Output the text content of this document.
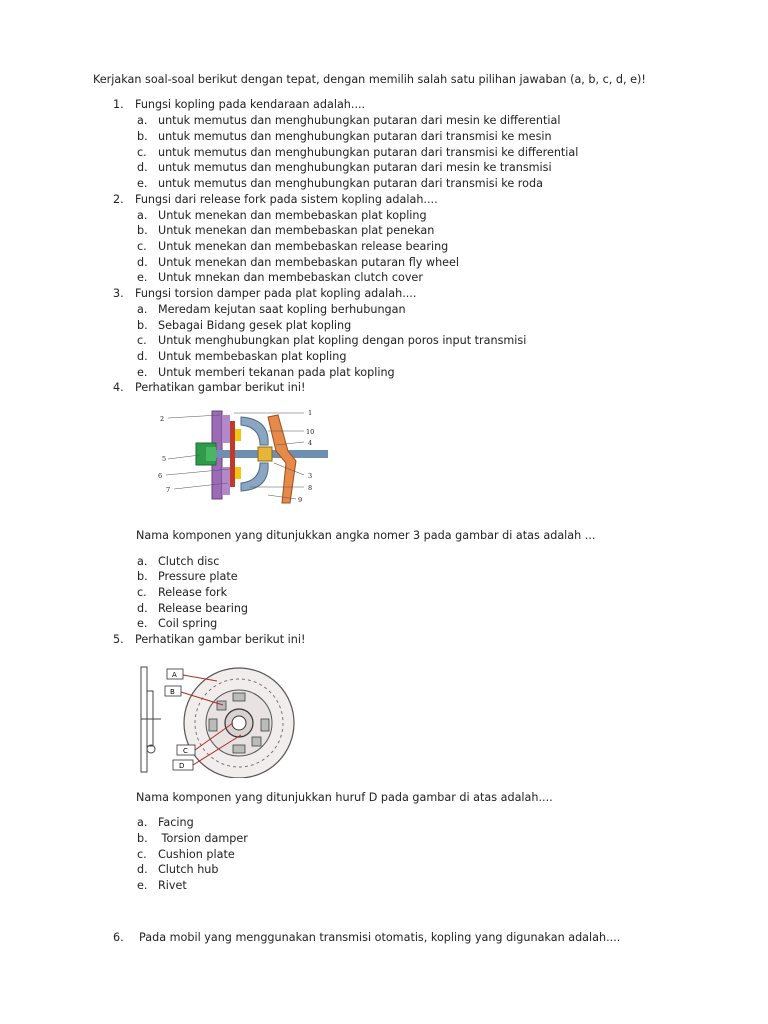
Kerjakan soal-soal berikut dengan tepat, dengan memilih salah satu pilihan jawaban (a, b, c, d, e)!
1. Fungsi kopling pada kendaraan adalah....
a. untuk memutus dan menghubungkan putaran dari mesin ke differential
b. untuk memutus dan menghubungkan putaran dari transmisi ke mesin
c. untuk memutus dan menghubungkan putaran dari transmisi ke differential
d. untuk memutus dan menghubungkan putaran dari mesin ke transmisi
e. untuk memutus dan menghubungkan putaran dari transmisi ke roda
2. Fungsi dari release fork pada sistem kopling adalah....
a. Untuk menekan dan membebaskan plat kopling
b. Untuk menekan dan membebaskan plat penekan
c. Untuk menekan dan membebaskan release bearing
d. Untuk menekan dan membebaskan putaran fly wheel
e. Untuk mnekan dan membebaskan clutch cover
3. Fungsi torsion damper pada plat kopling adalah....
a. Meredam kejutan saat kopling berhubungan
b. Sebagai Bidang gesek plat kopling
c. Untuk menghubungkan plat kopling dengan poros input transmisi
d. Untuk membebaskan plat kopling
e. Untuk memberi tekanan pada plat kopling
4. Perhatikan gambar berikut ini!
1
2
3
4
5
6
7	8
9
10
Nama komponen yang ditunjukkan angka nomer 3 pada gambar di atas adalah ...
a. Clutch disc
b. Pressure plate
c. Release fork
d. Release bearing
e. Coil spring
5. Perhatikan gambar berikut ini!
A
B
C
D
Nama komponen yang ditunjukkan huruf D pada gambar di atas adalah....
a. Facing
b. Torsion damper
c. Cushion plate
d. Clutch hub
e. Rivet
6. Pada mobil yang menggunakan transmisi otomatis, kopling yang digunakan adalah....
